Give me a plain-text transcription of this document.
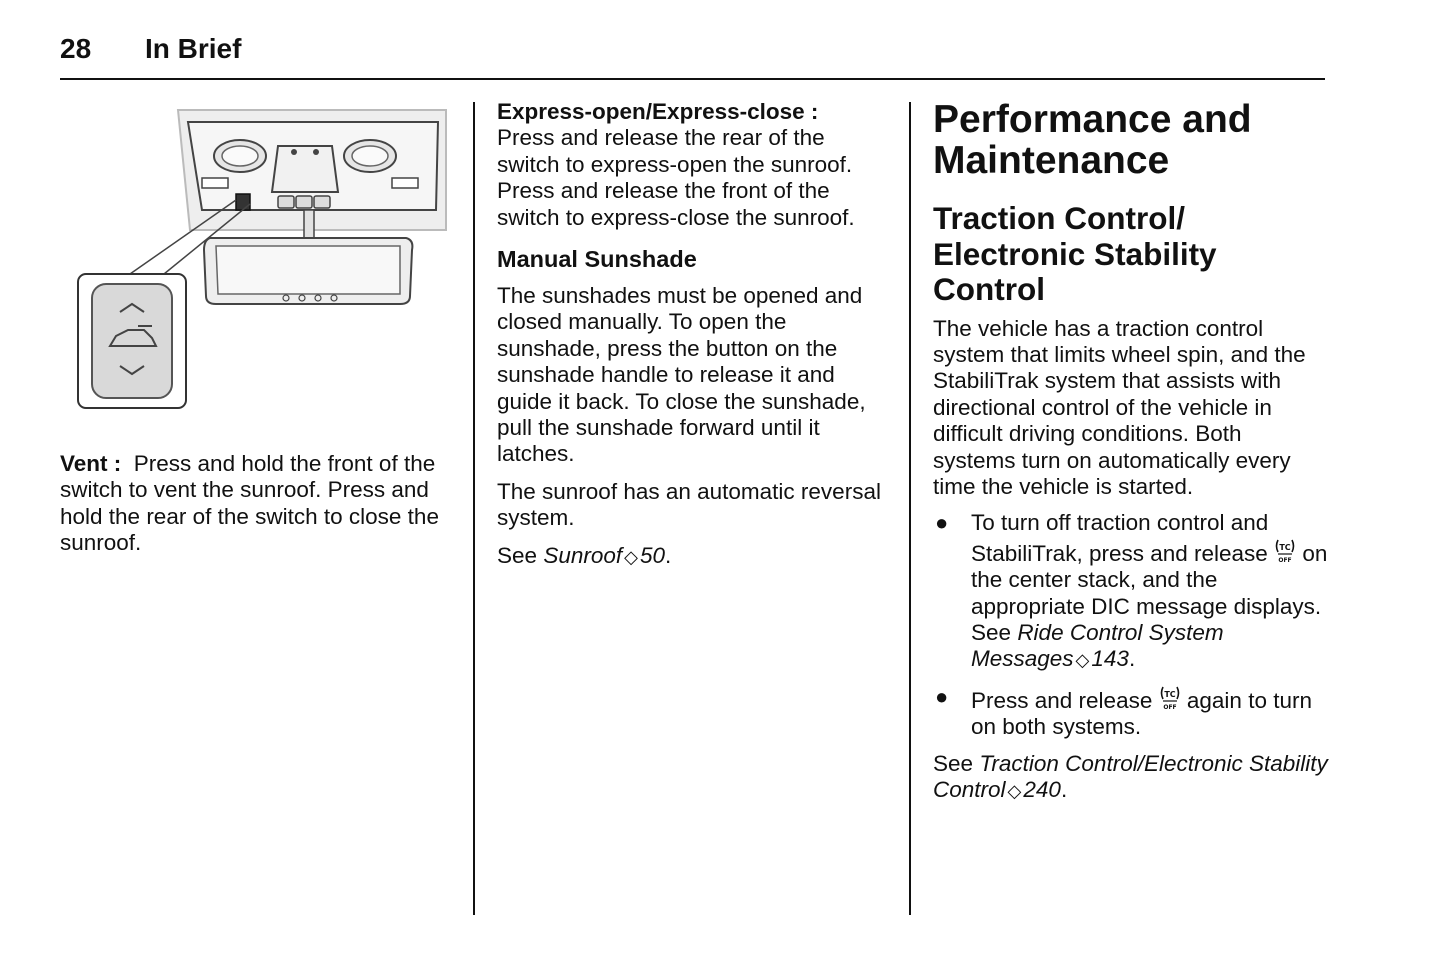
28 In Brief

Vent : Press and hold the front of the switch to vent the sunroof. Press and hold the rear of the switch to close the sunroof.

Express-open/Express-close :
Press and release the rear of the switch to express-open the sunroof. Press and release the front of the switch to express-close the sunroof.

Manual Sunshade

The sunshades must be opened and closed manually. To open the sunshade, press the button on the sunshade handle to release it and guide it back. To close the sunshade, pull the sunshade forward until it latches.

The sunroof has an automatic reversal system.

See Sunroof ◇50.

Performance and Maintenance

Traction Control/ Electronic Stability Control

The vehicle has a traction control system that limits wheel spin, and the StabiliTrak system that assists with directional control of the vehicle in difficult driving conditions. Both systems turn on automatically every time the vehicle is started.

● To turn off traction control and StabiliTrak, press and release TC
OFF on the center stack, and the appropriate DIC message displays. See Ride Control System Messages ◇143.
● Press and release TC
OFF again to turn on both systems.

See Traction Control/Electronic Stability Control ◇240.
